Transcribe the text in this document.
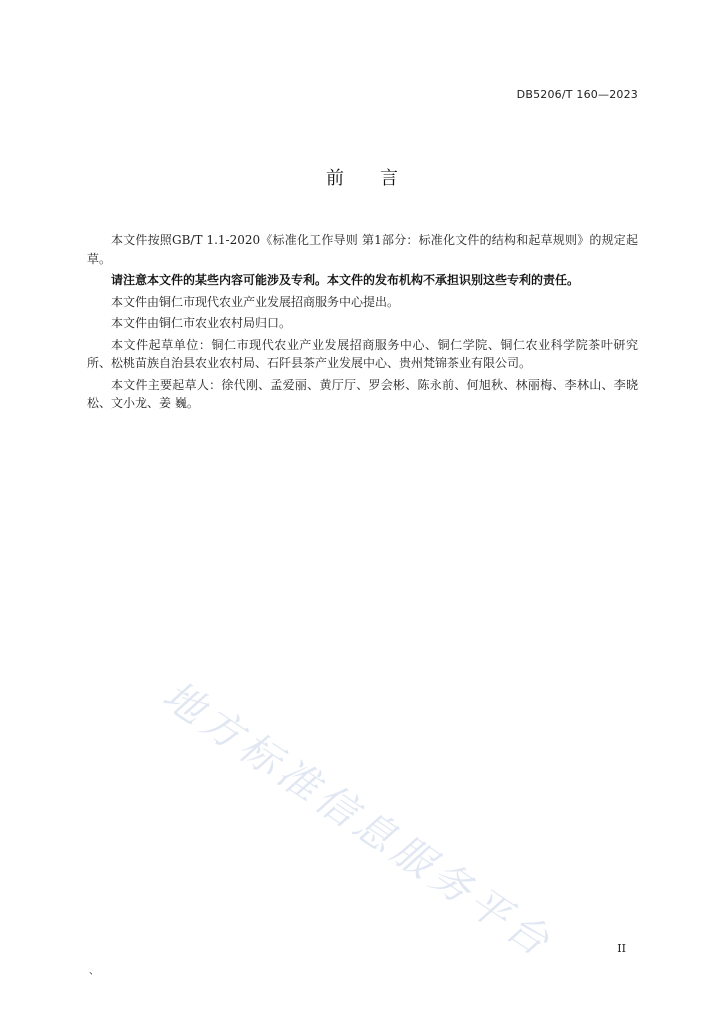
DB5206/T 160—2023
前言

本文件按照GB/T 1.1-2020《标准化工作导则 第1部分：标准化文件的结构和起草规则》的规定起草。

请注意本文件的某些内容可能涉及专利。本文件的发布机构不承担识别这些专利的责任。

本文件由铜仁市现代农业产业发展招商服务中心提出。

本文件由铜仁市农业农村局归口。

本文件起草单位：铜仁市现代农业产业发展招商服务中心、铜仁学院、铜仁农业科学院茶叶研究所、松桃苗族自治县农业农村局、石阡县茶产业发展中心、贵州梵锦茶业有限公司。

本文件主要起草人：徐代刚、孟爱丽、黄厅厅、罗会彬、陈永前、何旭秋、林丽梅、李林山、李晓松、文小龙、姜 巍。

地方标准信息服务平台	II
、
